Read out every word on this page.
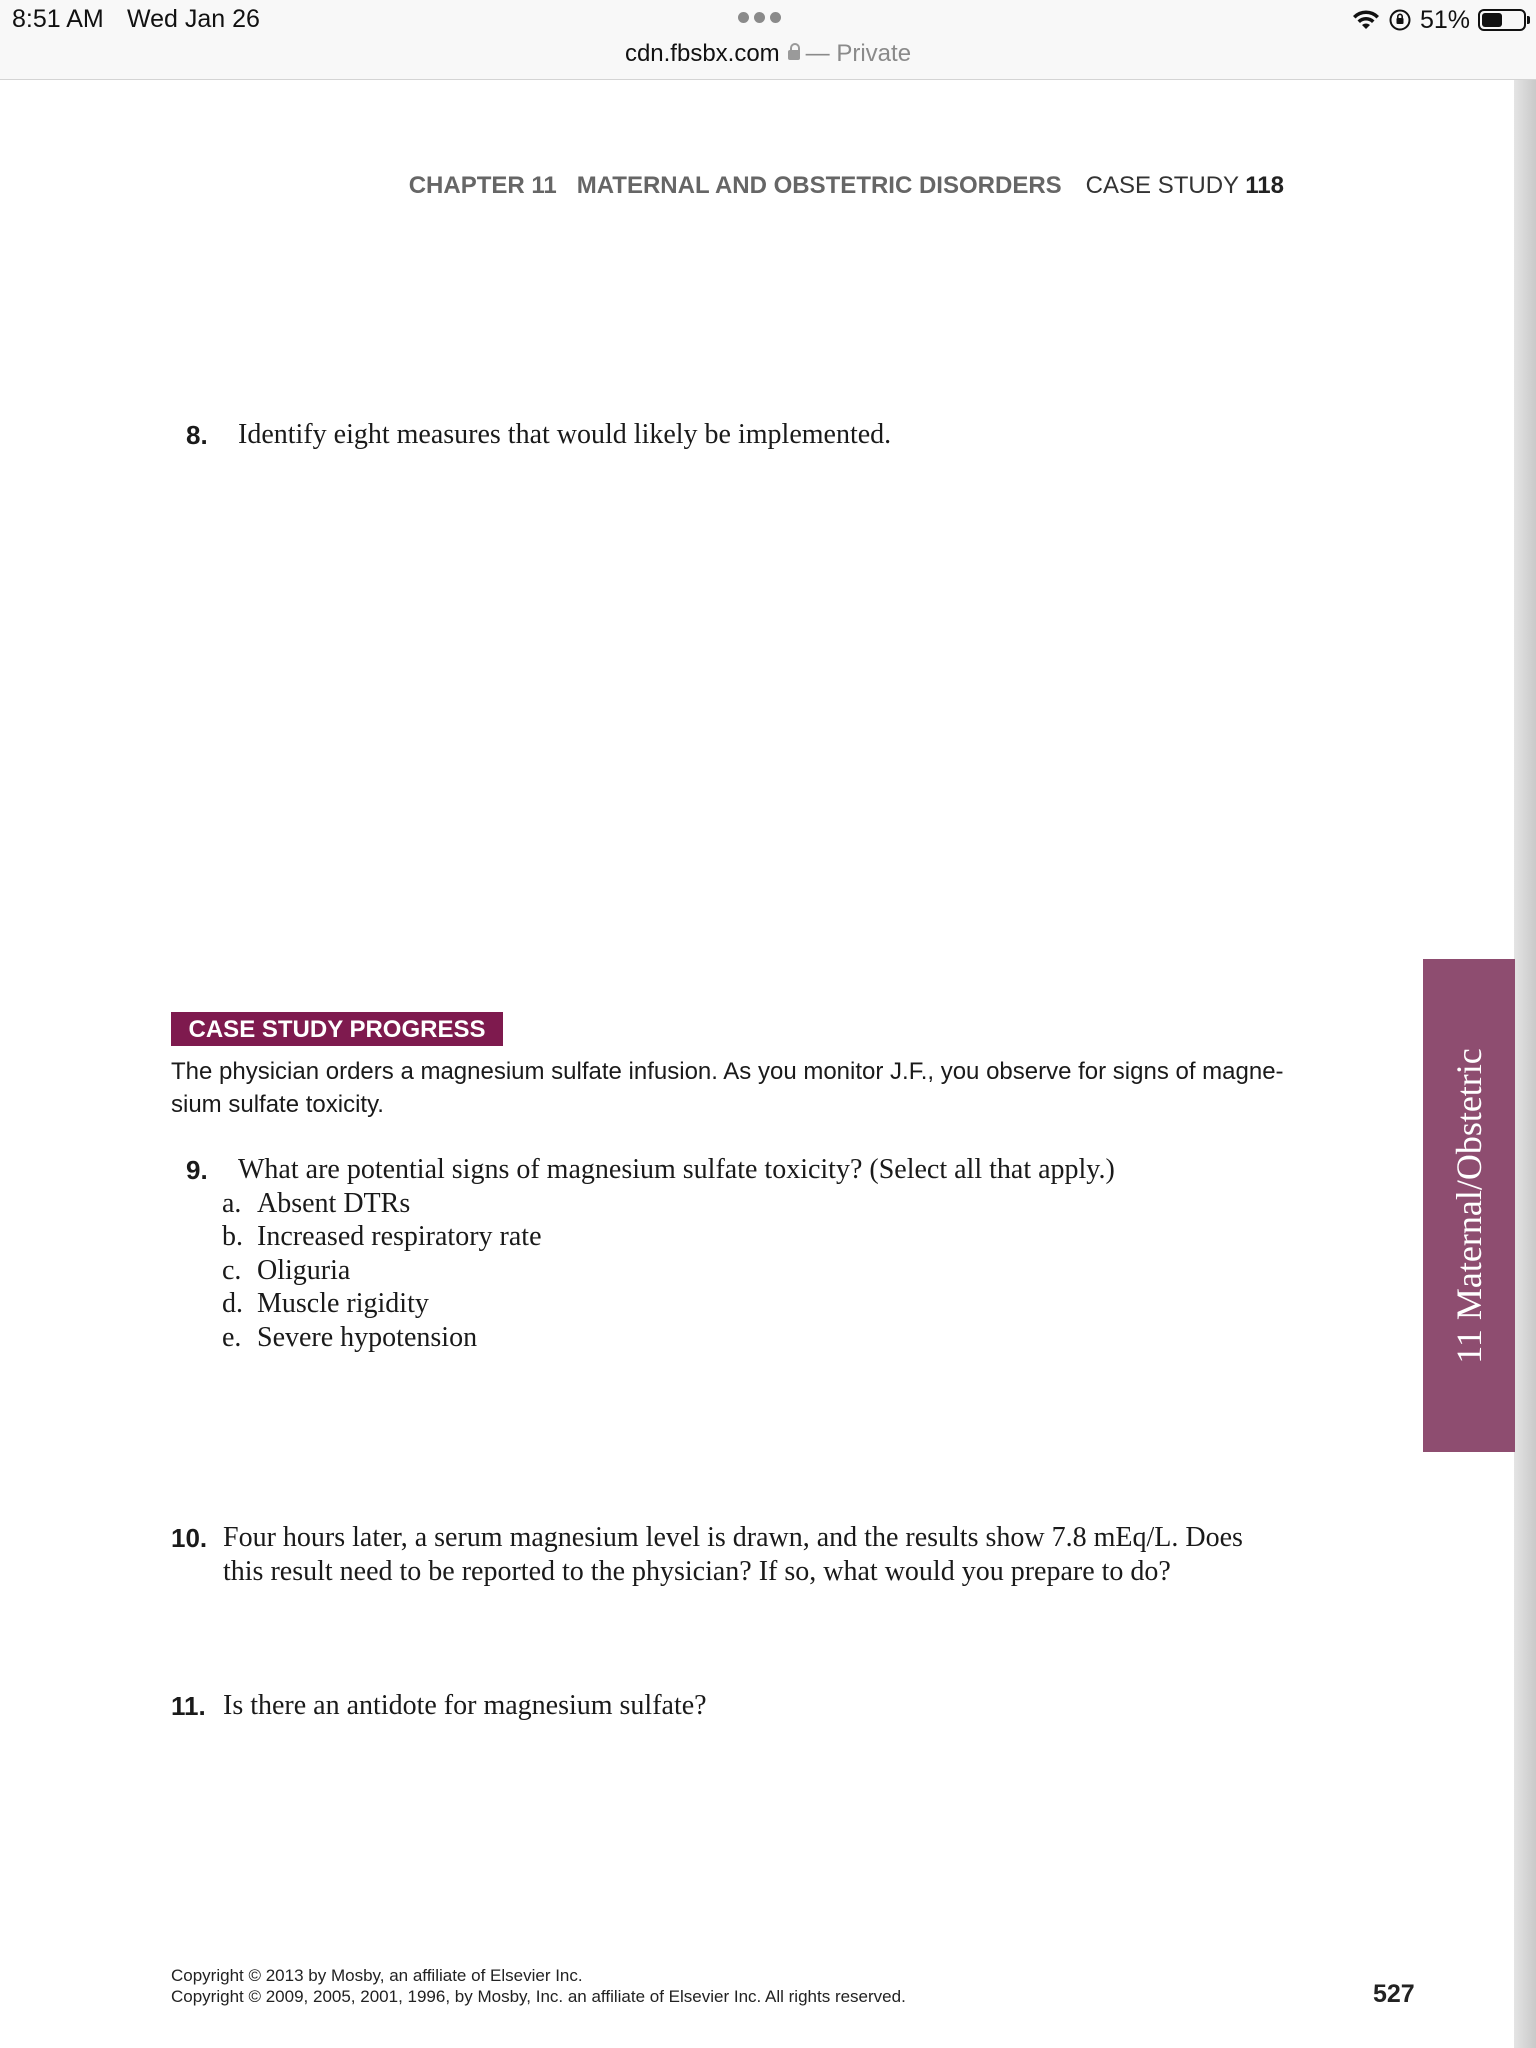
8:51 AM Wed Jan 26
cdn.fbsbx.com — Private
51%
CHAPTER 11 MATERNAL AND OBSTETRIC DISORDERS CASE STUDY 118
8. Identify eight measures that would likely be implemented.
CASE STUDY PROGRESS
The physician orders a magnesium sulfate infusion. As you monitor J.F., you observe for signs of magne-
sium sulfate toxicity.
9. What are potential signs of magnesium sulfate toxicity? (Select all that apply.)
a. Absent DTRs
b. Increased respiratory rate
c. Oliguria
d. Muscle rigidity
e. Severe hypotension	11 Maternal/Obstetric
10. Four hours later, a serum magnesium level is drawn, and the results show 7.8 mEq/L. Does
this result need to be reported to the physician? If so, what would you prepare to do?
11. Is there an antidote for magnesium sulfate?
Copyright © 2013 by Mosby, an affiliate of Elsevier Inc.
Copyright © 2009, 2005, 2001, 1996, by Mosby, Inc. an affiliate of Elsevier Inc. All rights reserved.	527
